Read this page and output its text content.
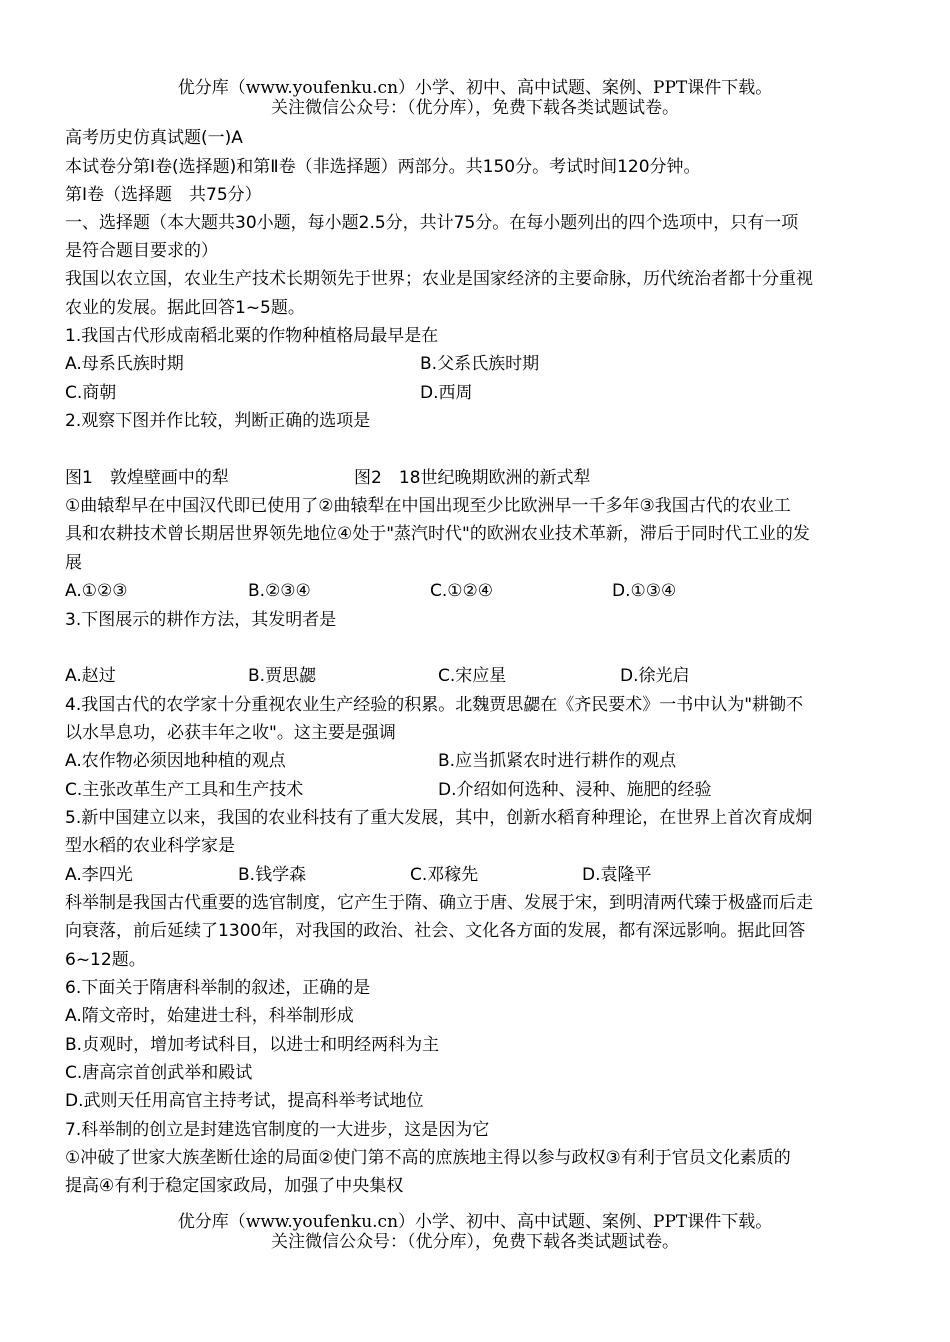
优分库（www.youfenku.cn）小学、初中、高中试题、案例、PPT课件下载。
关注微信公众号：（优分库），免费下载各类试题试卷。
高考历史仿真试题(一)A
本试卷分第Ⅰ卷(选择题)和第Ⅱ卷（非选择题）两部分。共150分。考试时间120分钟。
第Ⅰ卷（选择题　共75分）
一、选择题（本大题共30小题，每小题2.5分，共计75分。在每小题列出的四个选项中，只有一项
是符合题目要求的）
我国以农立国，农业生产技术长期领先于世界；农业是国家经济的主要命脉，历代统治者都十分重视
农业的发展。据此回答1~5题。
1.我国古代形成南稻北粟的作物种植格局最早是在
A.母系氏族时期	B.父系氏族时期
C.商朝	D.西周
2.观察下图并作比较，判断正确的选项是
图1　敦煌壁画中的犁	图2　18世纪晚期欧洲的新式犁
①曲辕犁早在中国汉代即已使用了②曲辕犁在中国出现至少比欧洲早一千多年③我国古代的农业工
具和农耕技术曾长期居世界领先地位④处于"蒸汽时代"的欧洲农业技术革新，滞后于同时代工业的发
展
A.①②③	B.②③④	C.①②④	D.①③④
3.下图展示的耕作方法，其发明者是
A.赵过	B.贾思勰	C.宋应星	D.徐光启
4.我国古代的农学家十分重视农业生产经验的积累。北魏贾思勰在《齐民要术》一书中认为"耕锄不
以水旱息功，必获丰年之收"。这主要是强调
A.农作物必须因地种植的观点	B.应当抓紧农时进行耕作的观点
C.主张改革生产工具和生产技术	D.介绍如何选种、浸种、施肥的经验
5.新中国建立以来，我国的农业科技有了重大发展，其中，创新水稻育种理论，在世界上首次育成炯
型水稻的农业科学家是
A.李四光	B.钱学森	C.邓稼先	D.袁隆平
科举制是我国古代重要的选官制度，它产生于隋、确立于唐、发展于宋，到明清两代臻于极盛而后走
向衰落，前后延续了1300年，对我国的政治、社会、文化各方面的发展，都有深远影响。据此回答
6~12题。
6.下面关于隋唐科举制的叙述，正确的是
A.隋文帝时，始建进士科，科举制形成
B.贞观时，增加考试科目，以进士和明经两科为主
C.唐高宗首创武举和殿试
D.武则天任用高官主持考试，提高科举考试地位
7.科举制的创立是封建选官制度的一大进步，这是因为它
①冲破了世家大族垄断仕途的局面②使门第不高的庶族地主得以参与政权③有利于官员文化素质的
提高④有利于稳定国家政局，加强了中央集权
优分库（www.youfenku.cn）小学、初中、高中试题、案例、PPT课件下载。
关注微信公众号：（优分库），免费下载各类试题试卷。
